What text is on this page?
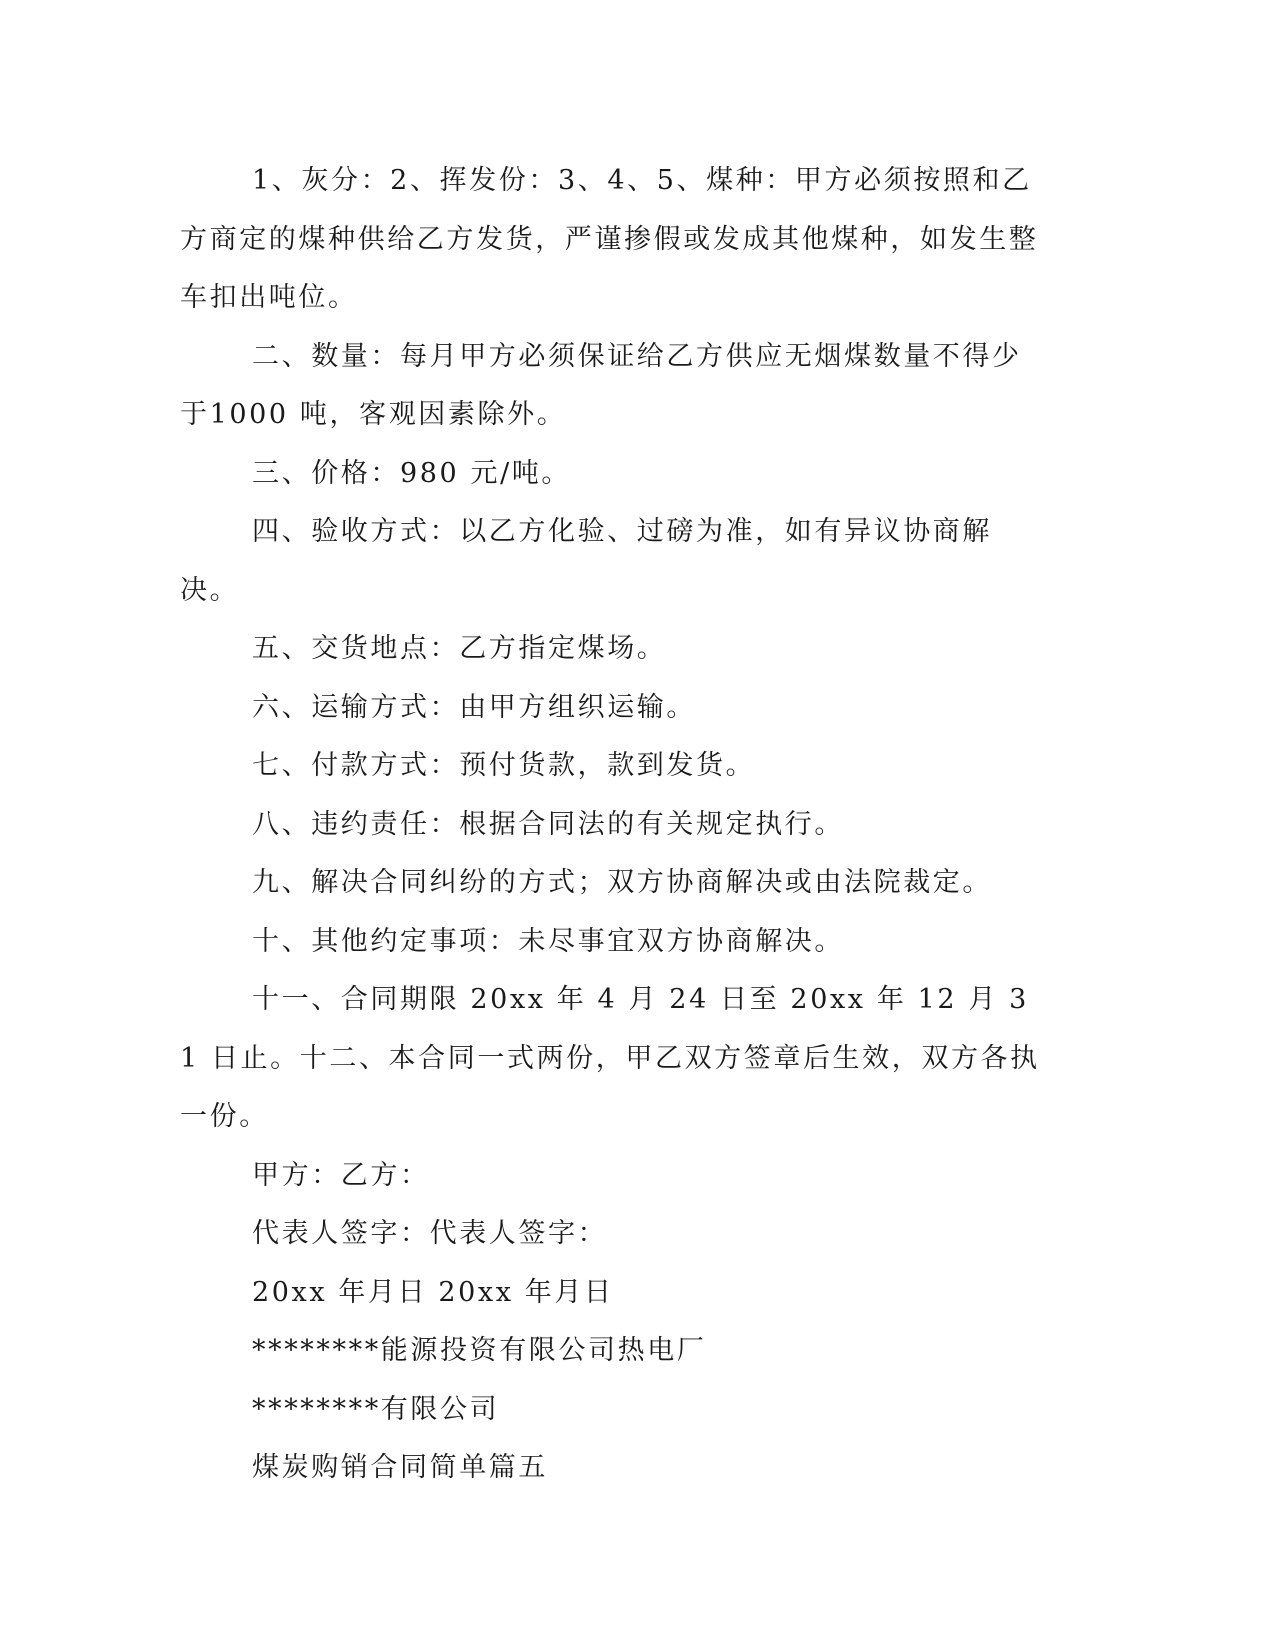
1、灰分：2、挥发份：3、4、5、煤种：甲方必须按照和乙方商定的煤种供给乙方发货，严谨掺假或发成其他煤种，如发生整车扣出吨位。

二、数量：每月甲方必须保证给乙方供应无烟煤数量不得少于1000 吨，客观因素除外。

三、价格：980 元/吨。

四、验收方式：以乙方化验、过磅为准，如有异议协商解决。

五、交货地点：乙方指定煤场。

六、运输方式：由甲方组织运输。

七、付款方式：预付货款，款到发货。

八、违约责任：根据合同法的有关规定执行。

九、解决合同纠纷的方式；双方协商解决或由法院裁定。

十、其他约定事项：未尽事宜双方协商解决。

十一、合同期限 20xx 年 4 月 24 日至 20xx 年 12 月 31 日止。十二、本合同一式两份，甲乙双方签章后生效，双方各执一份。

甲方：乙方：

代表人签字：代表人签字：

20xx 年月日 20xx 年月日

********能源投资有限公司热电厂

********有限公司

煤炭购销合同简单篇五
